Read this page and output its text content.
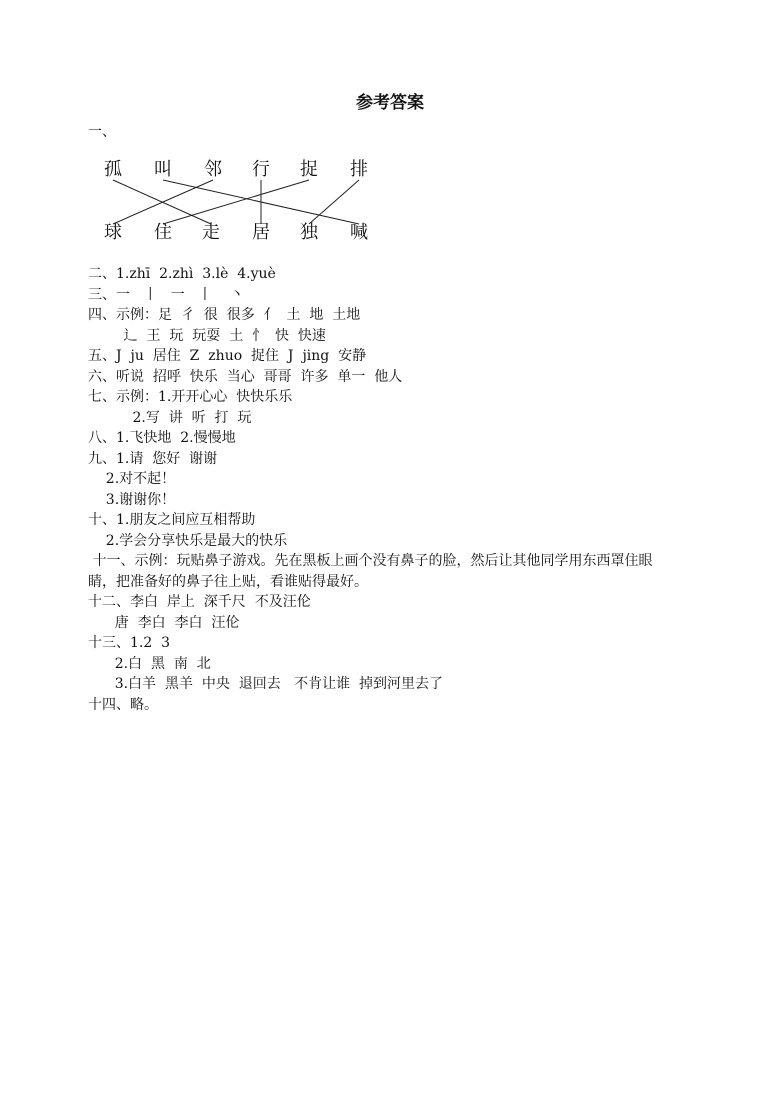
参考答案
一、
孤 叫 邻 行 捉 排
球 住 走 居 独 喊
二、1.zhī  2.zhì  3.lè  4.yuè
三、一   丨   一   丨    丶
四、示例：足  彳  很  很多  亻  土  地  土地
辶  王  玩  玩耍  土  忄  快  快速
五、J  ju  居住  Z  zhuo  捉住  J  jing  安静
六、听说  招呼  快乐  当心  哥哥  许多  单一  他人
七、示例：1.开开心心  快快乐乐
2.写  讲  听  打  玩
八、1.飞快地  2.慢慢地
九、1.请  您好  谢谢
2.对不起！
3.谢谢你！
十、1.朋友之间应互相帮助
2.学会分享快乐是最大的快乐
十一、示例：玩贴鼻子游戏。先在黑板上画个没有鼻子的脸，然后让其他同学用东西罩住眼
睛，把准备好的鼻子往上贴，看谁贴得最好。
十二、李白  岸上  深千尺  不及汪伦
唐  李白  李白  汪伦
十三、1.2  3
2.白  黑  南  北
3.白羊  黑羊  中央  退回去   不肯让谁  掉到河里去了
十四、略。
